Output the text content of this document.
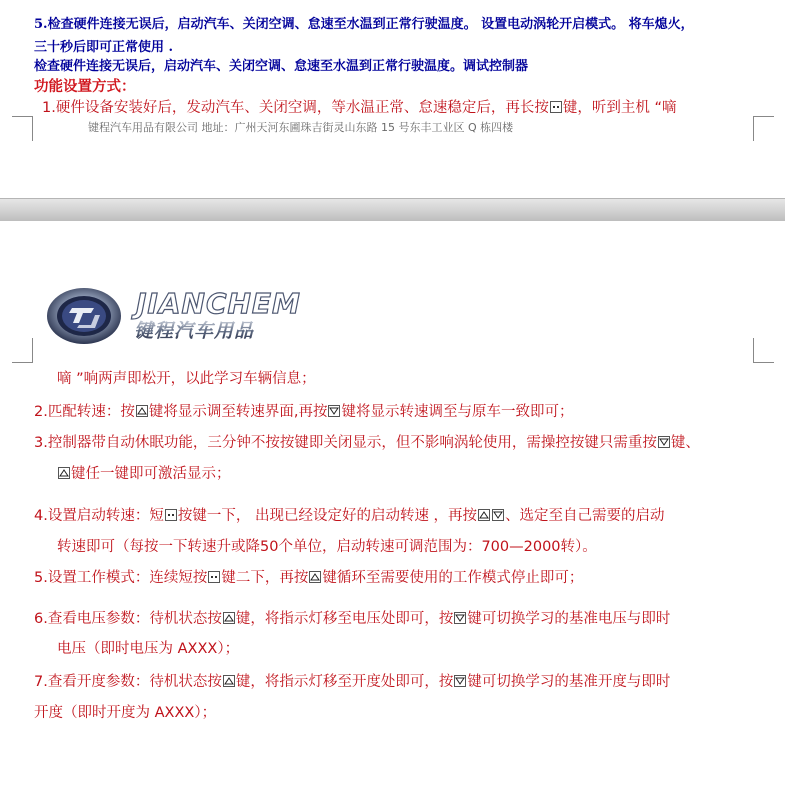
5.检查硬件连接无误后，启动汽车、关闭空调、怠速至水温到正常行驶温度。 设置电动涡轮开启模式。 将车熄火，
三十秒后即可正常使用 .
检查硬件连接无误后，启动汽车、关闭空调、怠速至水温到正常行驶温度。调试控制器
功能设置方式：
1.硬件设备安装好后，发动汽车、关闭空调，等水温正常、怠速稳定后，再长按 键，听到主机 “嘀
键程汽车用品有限公司 地址：广州天河东圃珠吉街灵山东路 15 号东丰工业区 Q 栋四楼
JIANCHEM
键程汽车用品
嘀 ”响两声即松开，以此学习车辆信息；
2.匹配转速：按 键将显示调至转速界面,再按 键将显示转速调至与原车一致即可；
3.控制器带自动休眠功能，三分钟不按按键即关闭显示，但不影响涡轮使用，需操控按键只需重按 键、
键任一键即可激活显示；
4.设置启动转速：短 按键一下， 出现已经设定好的启动转速 ，再按 、选定至自己需要的启动
转速即可（每按一下转速升或降50个单位，启动转速可调范围为：700—2000转）。
5.设置工作模式：连续短按 键二下，再按 键循环至需要使用的工作模式停止即可；
6.查看电压参数：待机状态按 键，将指示灯移至电压处即可，按 键可切换学习的基准电压与即时
电压（即时电压为 AXXX）；
7.查看开度参数：待机状态按 键，将指示灯移至开度处即可，按 键可切换学习的基准开度与即时
开度（即时开度为 AXXX）；
